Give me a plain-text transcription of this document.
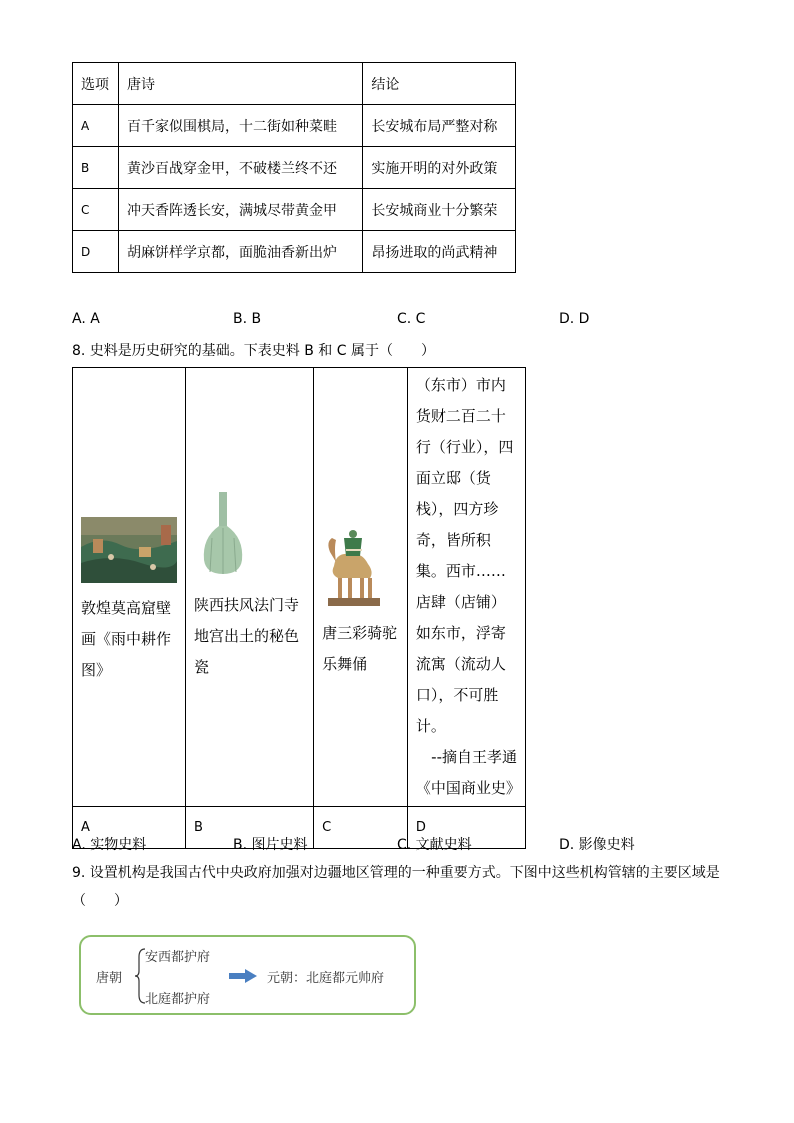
选项	唐诗	结论
A	百千家似围棋局，十二街如种菜畦	长安城布局严整对称
B	黄沙百战穿金甲，不破楼兰终不还	实施开明的对外政策
C	冲天香阵透长安，满城尽带黄金甲	长安城商业十分繁荣
D	胡麻饼样学京都，面脆油香新出炉	昂扬进取的尚武精神
A. A	B. B	C. C	D. D
8. 史料是历史研究的基础。下表史料 B 和 C 属于（　　）
敦煌莫高窟壁画《雨中耕作图》	陕西扶风法门寺地宫出土的秘色瓷	唐三彩骑驼乐舞俑	（东市）市内货财二百二十行（行业），四面立邸（货栈），四方珍奇，皆所积集。西市……店肆（店铺）如东市，浮寄流寓（流动人口），不可胜计。
--摘自王孝通《中国商业史》

A	B	C	D
A. 实物史料	B. 图片史料	C. 文献史料	D. 影像史料
9. 设置机构是我国古代中央政府加强对边疆地区管理的一种重要方式。下图中这些机构管辖的主要区域是
（　　）
唐朝
安西都护府
北庭都护府
元朝：北庭都元帅府
